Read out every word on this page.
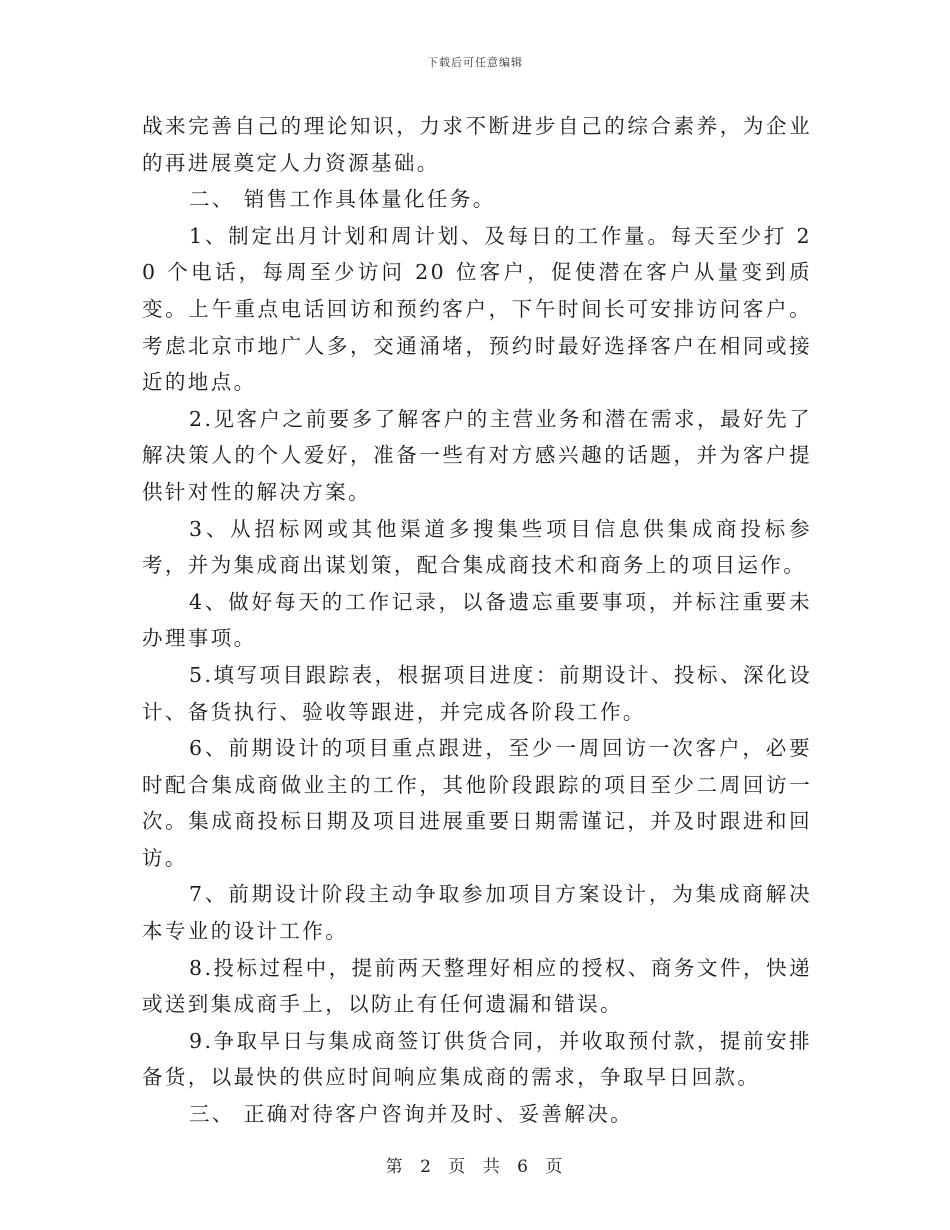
下载后可任意编辑

战来完善自己的理论知识，力求不断进步自己的综合素养，为企业的再进展奠定人力资源基础。

二、 销售工作具体量化任务。

1、制定出月计划和周计划、及每日的工作量。每天至少打 20 个电话，每周至少访问 20 位客户，促使潜在客户从量变到质变。上午重点电话回访和预约客户，下午时间长可安排访问客户。考虑北京市地广人多，交通涌堵，预约时最好选择客户在相同或接近的地点。

2.见客户之前要多了解客户的主营业务和潜在需求，最好先了解决策人的个人爱好，准备一些有对方感兴趣的话题，并为客户提供针对性的解决方案。

3、从招标网或其他渠道多搜集些项目信息供集成商投标参考，并为集成商出谋划策，配合集成商技术和商务上的项目运作。

4、做好每天的工作记录，以备遗忘重要事项，并标注重要未办理事项。

5.填写项目跟踪表，根据项目进度：前期设计、投标、深化设计、备货执行、验收等跟进，并完成各阶段工作。

6、前期设计的项目重点跟进，至少一周回访一次客户，必要时配合集成商做业主的工作，其他阶段跟踪的项目至少二周回访一次。集成商投标日期及项目进展重要日期需谨记，并及时跟进和回访。

7、前期设计阶段主动争取参加项目方案设计，为集成商解决本专业的设计工作。

8.投标过程中，提前两天整理好相应的授权、商务文件，快递或送到集成商手上，以防止有任何遗漏和错误。

9.争取早日与集成商签订供货合同，并收取预付款，提前安排备货，以最快的供应时间响应集成商的需求，争取早日回款。

三、 正确对待客户咨询并及时、妥善解决。

第 2 页 共 6 页
